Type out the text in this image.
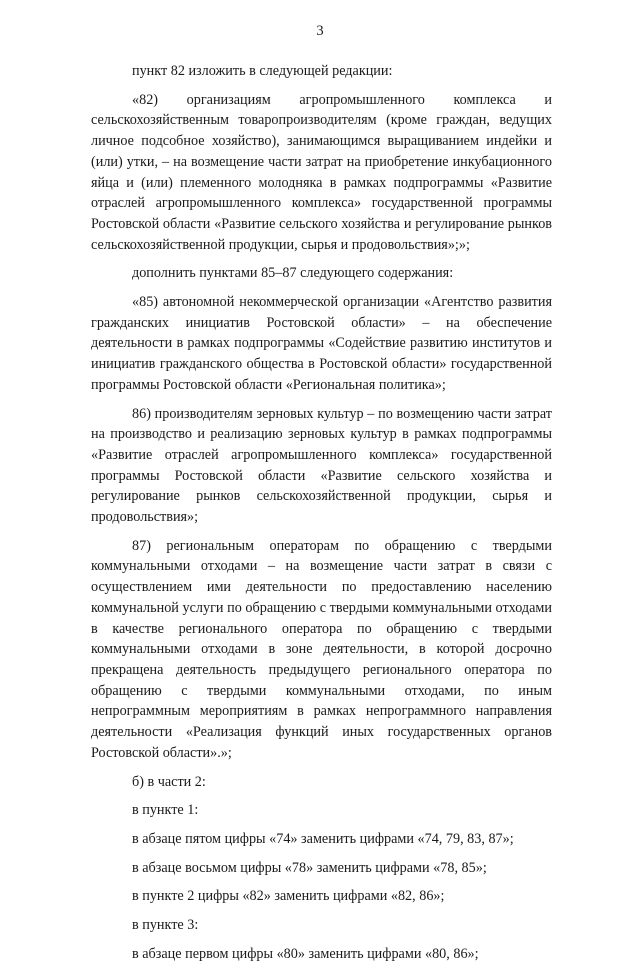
3

пункт 82 изложить в следующей редакции:

«82) организациям агропромышленного комплекса и сельскохозяйственным товаропроизводителям (кроме граждан, ведущих личное подсобное хозяйство), занимающимся выращиванием индейки и (или) утки, – на возмещение части затрат на приобретение инкубационного яйца и (или) племенного молодняка в рамках подпрограммы «Развитие отраслей агропромышленного комплекса» государственной программы Ростовской области «Развитие сельского хозяйства и регулирование рынков сельскохозяйственной продукции, сырья и продовольствия»;»;

дополнить пунктами 85–87 следующего содержания:

«85) автономной некоммерческой организации «Агентство развития гражданских инициатив Ростовской области» – на обеспечение деятельности в рамках подпрограммы «Содействие развитию институтов и инициатив гражданского общества в Ростовской области» государственной программы Ростовской области «Региональная политика»;

86) производителям зерновых культур – по возмещению части затрат на производство и реализацию зерновых культур в рамках подпрограммы «Развитие отраслей агропромышленного комплекса» государственной программы Ростовской области «Развитие сельского хозяйства и регулирование рынков сельскохозяйственной продукции, сырья и продовольствия»;

87) региональным операторам по обращению с твердыми коммунальными отходами – на возмещение части затрат в связи с осуществлением ими деятельности по предоставлению населению коммунальной услуги по обращению с твердыми коммунальными отходами в качестве регионального оператора по обращению с твердыми коммунальными отходами в зоне деятельности, в которой досрочно прекращена деятельность предыдущего регионального оператора по обращению с твердыми коммунальными отходами, по иным непрограммным мероприятиям в рамках непрограммного направления деятельности «Реализация функций иных государственных органов Ростовской области».»;

б) в части 2:

в пункте 1:

в абзаце пятом цифры «74» заменить цифрами «74, 79, 83, 87»;

в абзаце восьмом цифры «78» заменить цифрами «78, 85»;

в пункте 2 цифры «82» заменить цифрами «82, 86»;

в пункте 3:

в абзаце первом цифры «80» заменить цифрами «80, 86»;
